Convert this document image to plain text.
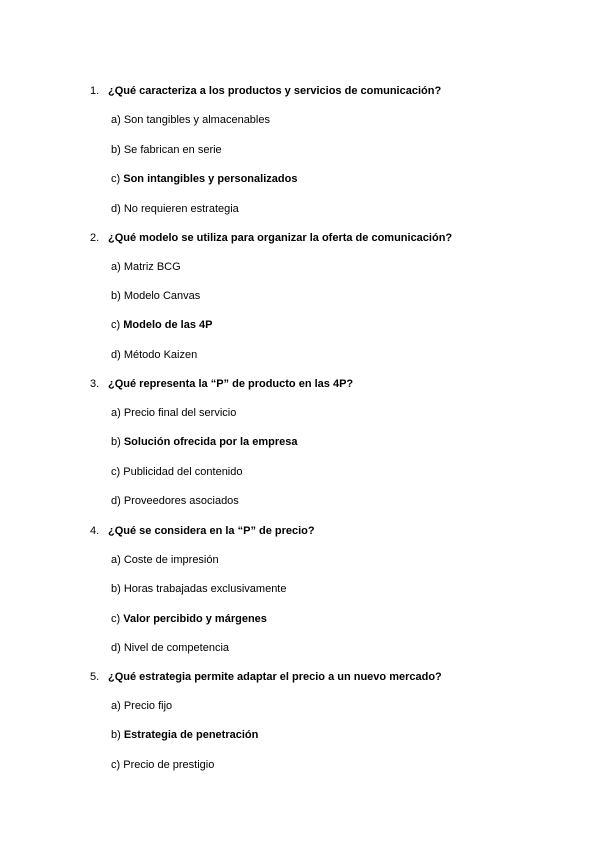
1. ¿Qué caracteriza a los productos y servicios de comunicación?
a) Son tangibles y almacenables
b) Se fabrican en serie
c) Son intangibles y personalizados
d) No requieren estrategia
2. ¿Qué modelo se utiliza para organizar la oferta de comunicación?
a) Matriz BCG
b) Modelo Canvas
c) Modelo de las 4P
d) Método Kaizen
3. ¿Qué representa la “P” de producto en las 4P?
a) Precio final del servicio
b) Solución ofrecida por la empresa
c) Publicidad del contenido
d) Proveedores asociados
4. ¿Qué se considera en la “P” de precio?
a) Coste de impresión
b) Horas trabajadas exclusivamente
c) Valor percibido y márgenes
d) Nivel de competencia
5. ¿Qué estrategia permite adaptar el precio a un nuevo mercado?
a) Precio fijo
b) Estrategia de penetración
c) Precio de prestigio
